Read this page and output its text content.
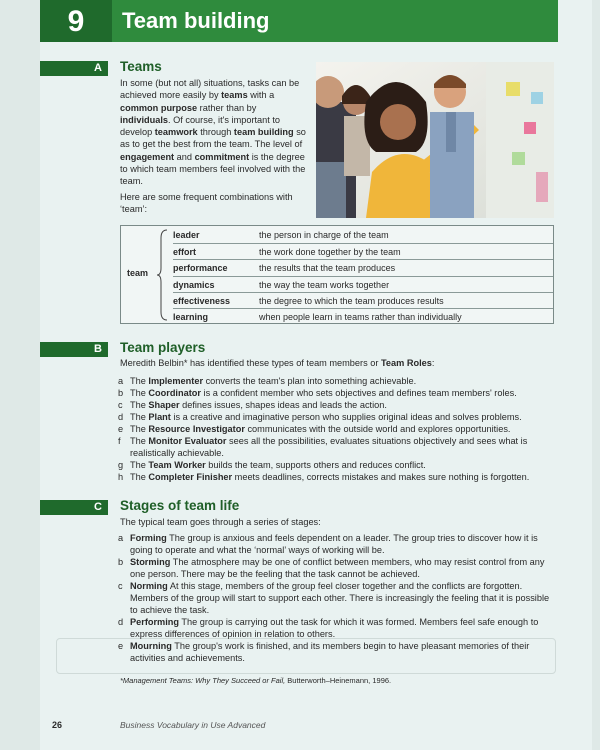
9	Team building
A	Teams
In some (but not all) situations, tasks can be achieved more easily by teams with a common purpose rather than by individuals. Of course, it's important to develop teamwork through team building so as to get the best from the team. The level of engagement and commitment is the degree to which team members feel involved with the team.
Here are some frequent combinations with ‘team’:
team
leader	the person in charge of the team
effort	the work done together by the team
performance	the results that the team produces
dynamics	the way the team works together
effectiveness	the degree to which the team produces results
learning	when people learn in teams rather than individually
B	Team players
Meredith Belbin* has identified these types of team members or Team Roles:
a The Implementer converts the team's plan into something achievable.
b The Coordinator is a confident member who sets objectives and defines team members' roles.
c The Shaper defines issues, shapes ideas and leads the action.
d The Plant is a creative and imaginative person who supplies original ideas and solves problems.
e The Resource Investigator communicates with the outside world and explores opportunities.
f	The Monitor Evaluator sees all the possibilities, evaluates situations objectively and sees what is realistically achievable.
g The Team Worker builds the team, supports others and reduces conflict.
h The Completer Finisher meets deadlines, corrects mistakes and makes sure nothing is forgotten.
C	Stages of team life
The typical team goes through a series of stages:
a Forming The group is anxious and feels dependent on a leader. The group tries to discover how it is going to operate and what the ‘normal’ ways of working will be.
b Storming The atmosphere may be one of conflict between members, who may resist control from any one person. There may be the feeling that the task cannot be achieved.
c Norming At this stage, members of the group feel closer together and the conflicts are forgotten. Members of the group will start to support each other. There is increasingly the feeling that it is possible to achieve the task.
d Performing The group is carrying out the task for which it was formed. Members feel safe enough to express differences of opinion in relation to others.
e Mourning The group's work is finished, and its members begin to have pleasant memories of their activities and achievements.
*Management Teams: Why They Succeed or Fail, Butterworth–Heinemann, 1996.
26	Business Vocabulary in Use Advanced
